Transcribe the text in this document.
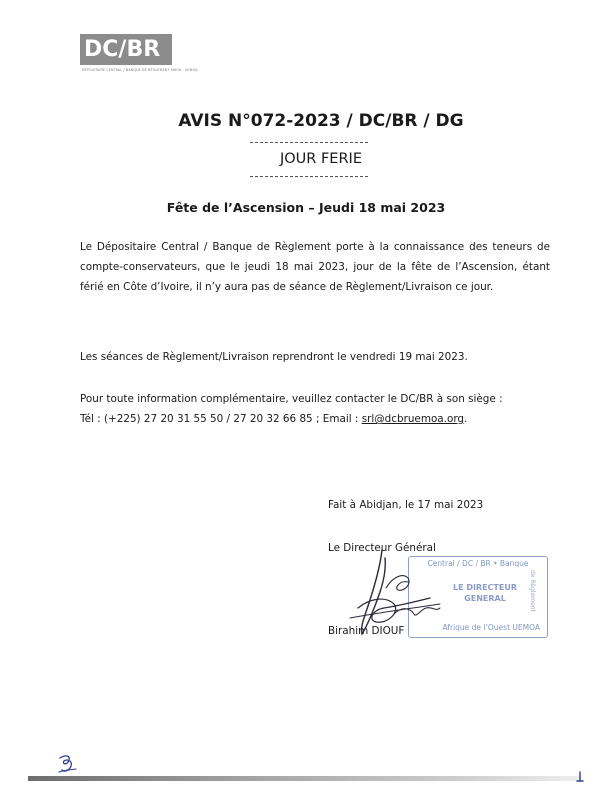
DC/BR
DÉPOSITAIRE CENTRAL / BANQUE DE RÈGLEMENT UMOA · UEMOA
AVIS N°072-2023 / DC/BR / DG
JOUR FERIE
Fête de l’Ascension – Jeudi 18 mai 2023
Le Dépositaire Central / Banque de Règlement porte à la connaissance des teneurs de compte-conservateurs, que le jeudi 18 mai 2023, jour de la fête de l’Ascension, étant férié en Côte d’Ivoire, il n’y aura pas de séance de Règlement/Livraison ce jour.
Les séances de Règlement/Livraison reprendront le vendredi 19 mai 2023.
Pour toute information complémentaire, veuillez contacter le DC/BR à son siège :
Tél : (+225) 27 20 31 55 50 / 27 20 32 66 85 ; Email : srl@dcbruemoa.org.
Fait à Abidjan, le 17 mai 2023
Central / DC / BR • Banque
LE DIRECTEUR
GENERAL
Afrique de l’Ouest UEMOA
de Règlement
Le Directeur Général
Birahim DIOUF
